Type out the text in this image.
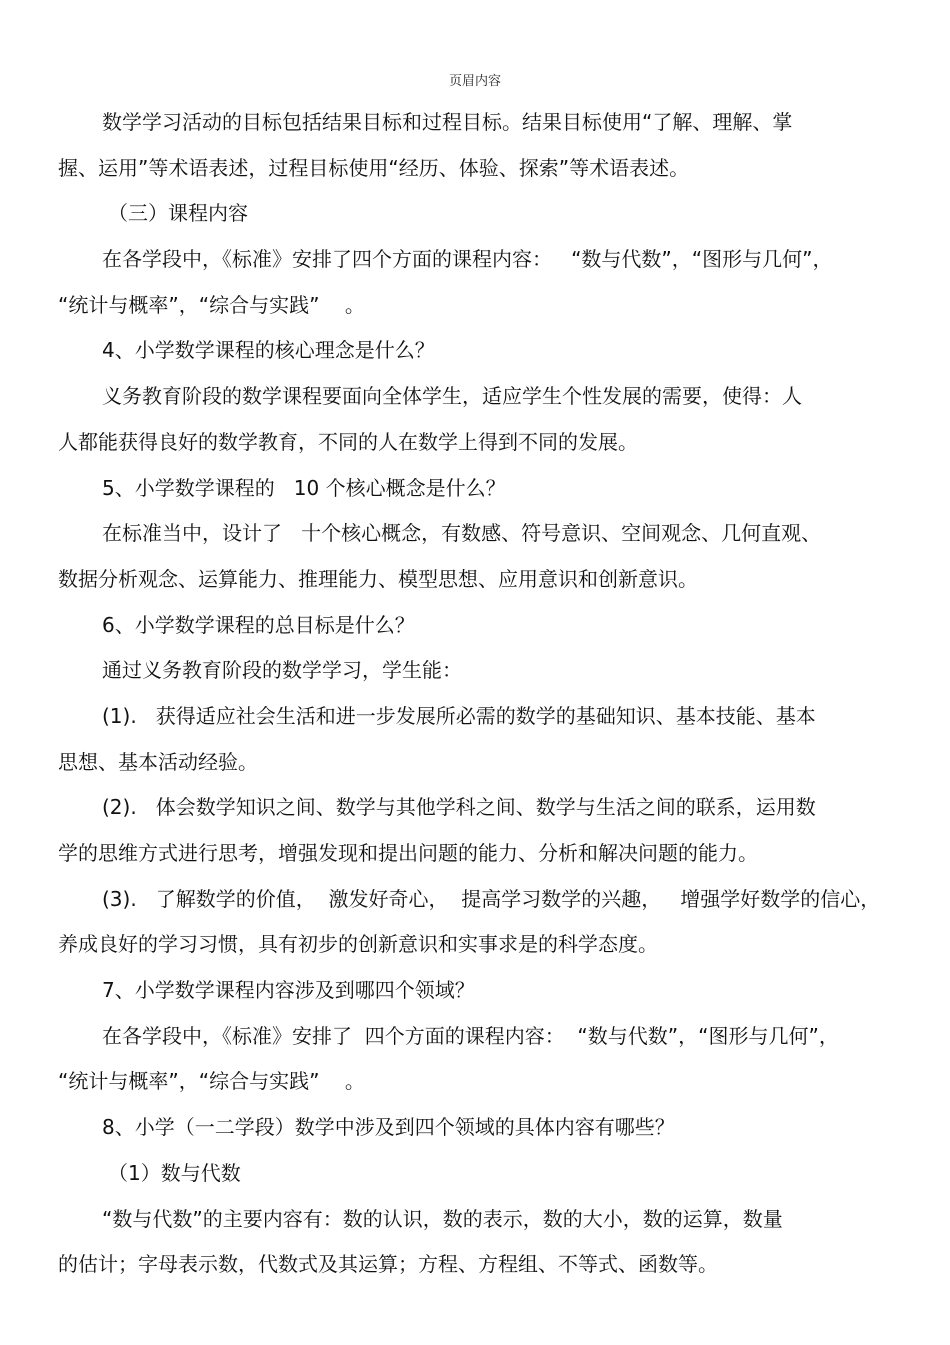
页眉内容
数学学习活动的目标包括结果目标和过程目标。结果目标使用“了解、理解、掌
握、运用”等术语表述，过程目标使用“经历、体验、探索”等术语表述。
（三）课程内容
在各学段中，《标准》安排了四个方面的课程内容：   “数与代数”，“图形与几何”，
“统计与概率”，“综合与实践”    。
4、小学数学课程的核心理念是什么？
义务教育阶段的数学课程要面向全体学生，适应学生个性发展的需要，使得：人
人都能获得良好的数学教育，不同的人在数学上得到不同的发展。
5、小学数学课程的   10 个核心概念是什么？
在标准当中，设计了   十个核心概念，有数感、符号意识、空间观念、几何直观、
数据分析观念、运算能力、推理能力、模型思想、应用意识和创新意识。
6、小学数学课程的总目标是什么？
通过义务教育阶段的数学学习，学生能：
(1).   获得适应社会生活和进一步发展所必需的数学的基础知识、基本技能、基本
思想、基本活动经验。
(2).   体会数学知识之间、数学与其他学科之间、数学与生活之间的联系，运用数
学的思维方式进行思考，增强发现和提出问题的能力、分析和解决问题的能力。
(3).   了解数学的价值，  激发好奇心，  提高学习数学的兴趣，   增强学好数学的信心，
养成良好的学习习惯，具有初步的创新意识和实事求是的科学态度。
7、小学数学课程内容涉及到哪四个领域？
在各学段中，《标准》安排了  四个方面的课程内容：  “数与代数”，“图形与几何”，
“统计与概率”，“综合与实践”    。
8、小学（一二学段）数学中涉及到四个领域的具体内容有哪些？
（1）数与代数
“数与代数”的主要内容有：数的认识，数的表示，数的大小，数的运算，数量
的估计；字母表示数，代数式及其运算；方程、方程组、不等式、函数等。
